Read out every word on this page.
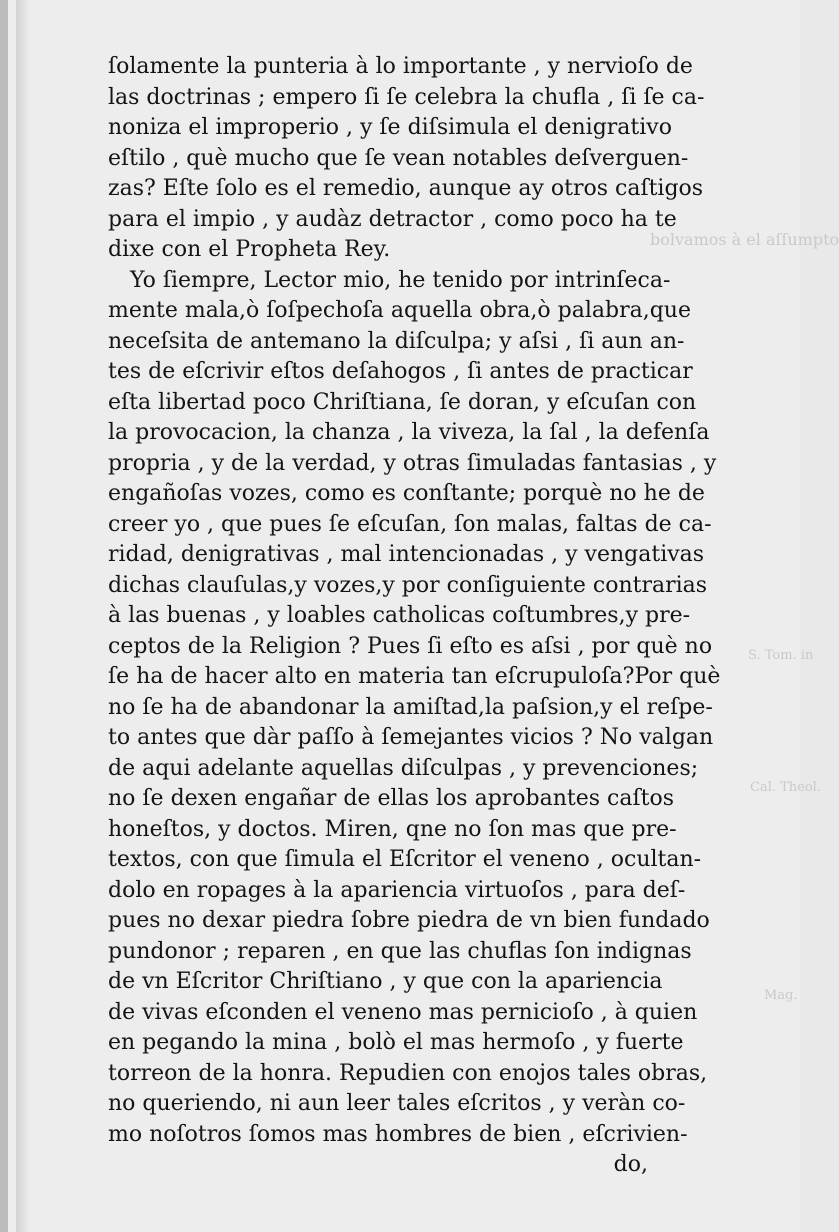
bolvamos à el aſſumpto
S. Tom. in
Cal. Theol.
Mag.
ſolamente la punteria à lo importante , y nervioſo de
las doctrinas ; empero ſi ſe celebra la chufla , ſi ſe ca-
noniza el improperio , y ſe diſsimula el denigrativo
eſtilo , què mucho que ſe vean notables deſverguen-
zas? Eſte ſolo es el remedio, aunque ay otros caſtigos
para el impio , y audàz detractor , como poco ha te
dixe con el Propheta Rey.
Yo ſiempre, Lector mio, he tenido por intrinſeca-
mente mala,ò ſoſpechoſa aquella obra,ò palabra,que
neceſsita de antemano la diſculpa; y aſsi , ſi aun an-
tes de eſcrivir eſtos deſahogos , ſi antes de practicar
eſta libertad poco Chriſtiana, ſe doran, y eſcuſan con
la provocacion, la chanza , la viveza, la ſal , la defenſa
propria , y de la verdad, y otras ſimuladas fantasias , y
engañoſas vozes, como es conſtante; porquè no he de
creer yo , que pues ſe eſcuſan, ſon malas, faltas de ca-
ridad, denigrativas , mal intencionadas , y vengativas
dichas clauſulas,y vozes,y por conſiguiente contrarias
à las buenas , y loables catholicas coſtumbres,y pre-
ceptos de la Religion ? Pues ſi eſto es aſsi , por què no
ſe ha de hacer alto en materia tan eſcrupuloſa?Por què
no ſe ha de abandonar la amiſtad,la paſsion,y el reſpe-
to antes que dàr paſſo à ſemejantes vicios ? No valgan
de aqui adelante aquellas diſculpas , y prevenciones;
no ſe dexen engañar de ellas los aprobantes caſtos
honeſtos, y doctos. Miren, qne no ſon mas que pre-
textos, con que ſimula el Eſcritor el veneno , ocultan-
dolo en ropages à la apariencia virtuoſos , para deſ-
pues no dexar piedra ſobre piedra de vn bien fundado
pundonor ; reparen , en que las chuflas ſon indignas
de vn Eſcritor Chriſtiano , y que con la apariencia
de vivas eſconden el veneno mas pernicioſo , à quien
en pegando la mina , bolò el mas hermoſo , y fuerte
torreon de la honra. Repudien con enojos tales obras,
no queriendo, ni aun leer tales eſcritos , y veràn co-
mo noſotros ſomos mas hombres de bien , eſcrivien-
do,
